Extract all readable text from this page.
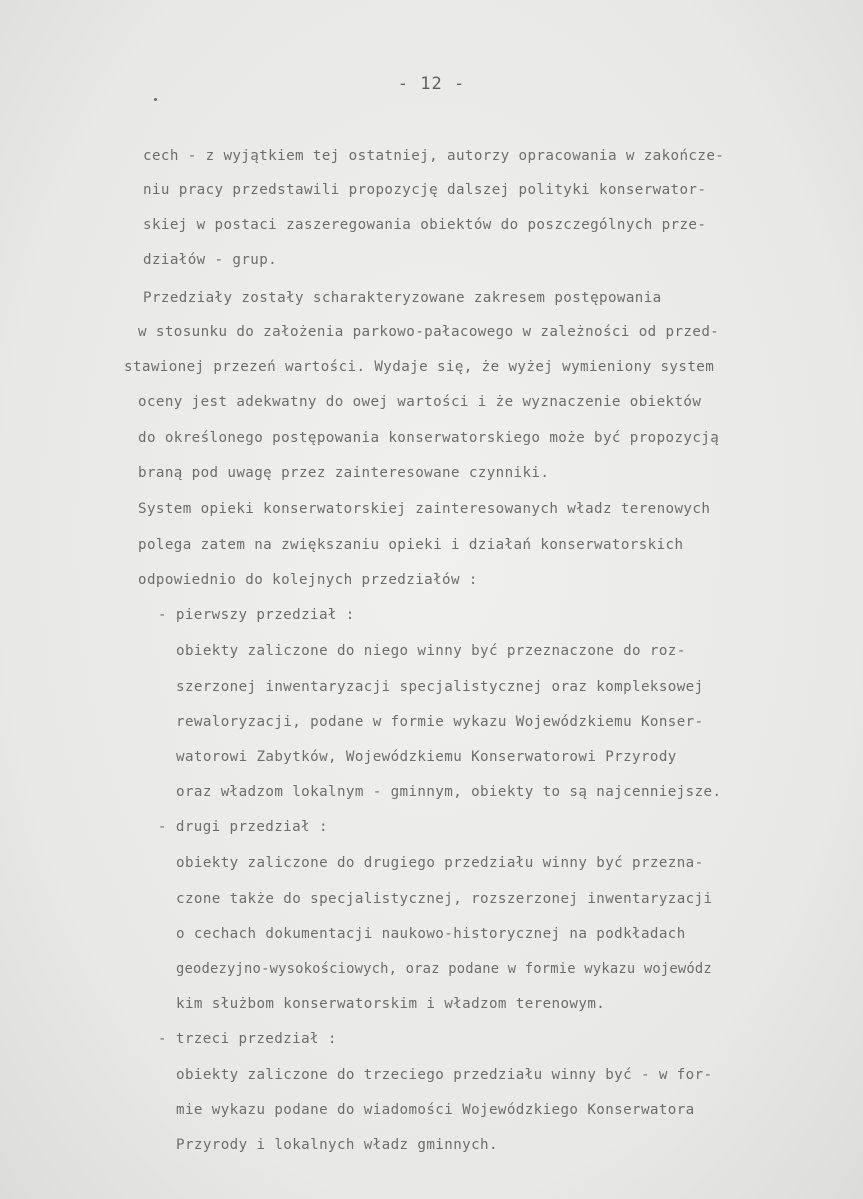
- 12 -
cech - z wyjątkiem tej ostatniej, autorzy opracowania w zakończe-
niu pracy przedstawili propozycję dalszej polityki konserwator-
skiej w postaci zaszeregowania obiektów do poszczególnych prze-
działów - grup.
Przedziały zostały scharakteryzowane zakresem postępowania
w stosunku do założenia parkowo-pałacowego w zależności od przed-
stawionej przezeń wartości. Wydaje się, że wyżej wymieniony system
oceny jest adekwatny do owej wartości i że wyznaczenie obiektów
do określonego postępowania konserwatorskiego może być propozycją
braną pod uwagę przez zainteresowane czynniki.
System opieki konserwatorskiej zainteresowanych władz terenowych
polega zatem na zwiększaniu opieki i działań konserwatorskich
odpowiednio do kolejnych przedziałów :
- pierwszy przedział :
obiekty zaliczone do niego winny być przeznaczone do roz-
szerzonej inwentaryzacji specjalistycznej oraz kompleksowej
rewaloryzacji, podane w formie wykazu Wojewódzkiemu Konser-
watorowi Zabytków, Wojewódzkiemu Konserwatorowi Przyrody
oraz władzom lokalnym - gminnym, obiekty to są najcenniejsze.
- drugi przedział :
obiekty zaliczone do drugiego przedziału winny być przezna-
czone także do specjalistycznej, rozszerzonej inwentaryzacji
o cechach dokumentacji naukowo-historycznej na podkładach
geodezyjno-wysokościowych, oraz podane w formie wykazu wojewódz
kim służbom konserwatorskim i władzom terenowym.
- trzeci przedział :
obiekty zaliczone do trzeciego przedziału winny być - w for-
mie wykazu podane do wiadomości Wojewódzkiego Konserwatora
Przyrody i lokalnych władz gminnych.
